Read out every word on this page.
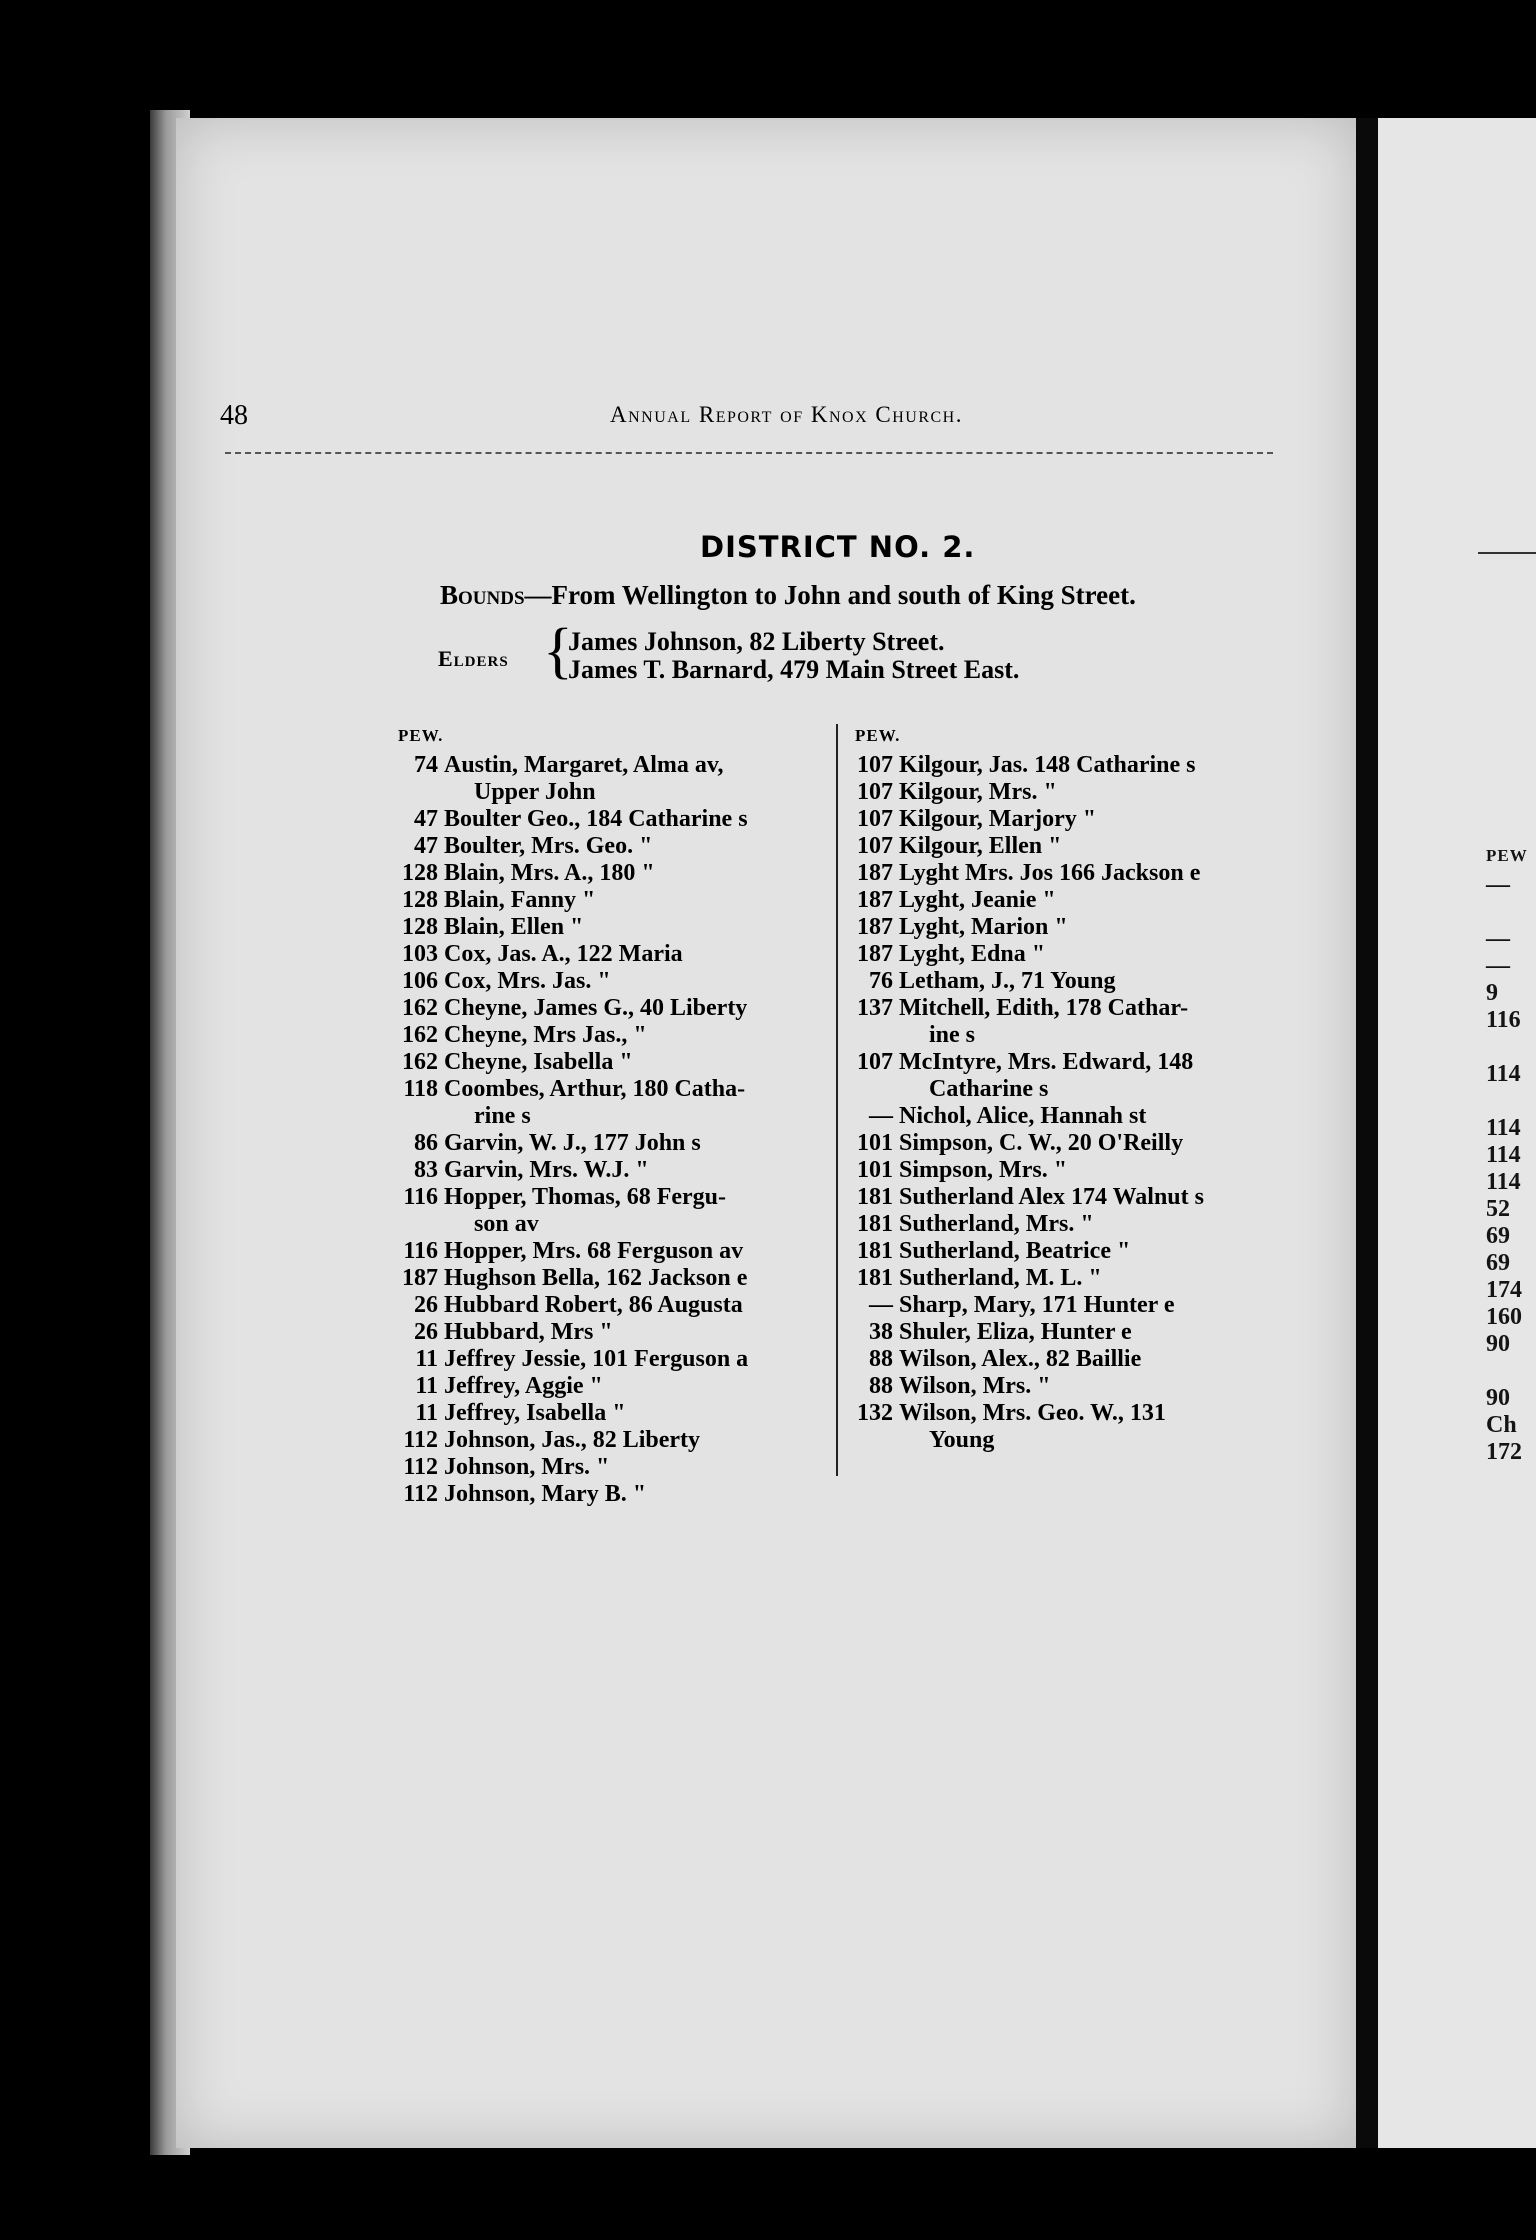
PEW
—
—
—
9
116
114
114
114
114
52
69
69
174
160
90
90
Ch
172
48	Annual Report of Knox Church.
DISTRICT NO. 2.
Bounds—From Wellington to John and south of King Street.
Elders {
James Johnson, 82 Liberty Street.
James T. Barnard, 479 Main Street East.
PEW.
74 Austin, Margaret, Alma av,
Upper John
47 Boulter Geo., 184 Catharine s
47 Boulter, Mrs. Geo. "
128 Blain, Mrs. A., 180 "
128 Blain, Fanny "
128 Blain, Ellen "
103 Cox, Jas. A., 122 Maria
106 Cox, Mrs. Jas. "
162 Cheyne, James G., 40 Liberty
162 Cheyne, Mrs Jas., "
162 Cheyne, Isabella "
118 Coombes, Arthur, 180 Catha-
rine s
86 Garvin, W. J., 177 John s
83 Garvin, Mrs. W.J. "
116 Hopper, Thomas, 68 Fergu-
son av
116 Hopper, Mrs. 68 Ferguson av
187 Hughson Bella, 162 Jackson e
26 Hubbard Robert, 86 Augusta
26 Hubbard, Mrs "
11 Jeffrey Jessie, 101 Ferguson a
11 Jeffrey, Aggie "
11 Jeffrey, Isabella "
112 Johnson, Jas., 82 Liberty
112 Johnson, Mrs. "
112 Johnson, Mary B. "
PEW.
107 Kilgour, Jas. 148 Catharine s
107 Kilgour, Mrs. "
107 Kilgour, Marjory "
107 Kilgour, Ellen "
187 Lyght Mrs. Jos 166 Jackson e
187 Lyght, Jeanie "
187 Lyght, Marion "
187 Lyght, Edna "
76 Letham, J., 71 Young
137 Mitchell, Edith, 178 Cathar-
ine s
107 McIntyre, Mrs. Edward, 148
Catharine s
— Nichol, Alice, Hannah st
101 Simpson, C. W., 20 O'Reilly
101 Simpson, Mrs. "
181 Sutherland Alex 174 Walnut s
181 Sutherland, Mrs. "
181 Sutherland, Beatrice "
181 Sutherland, M. L. "
— Sharp, Mary, 171 Hunter e
38 Shuler, Eliza, Hunter e
88 Wilson, Alex., 82 Baillie
88 Wilson, Mrs. "
132 Wilson, Mrs. Geo. W., 131
Young
